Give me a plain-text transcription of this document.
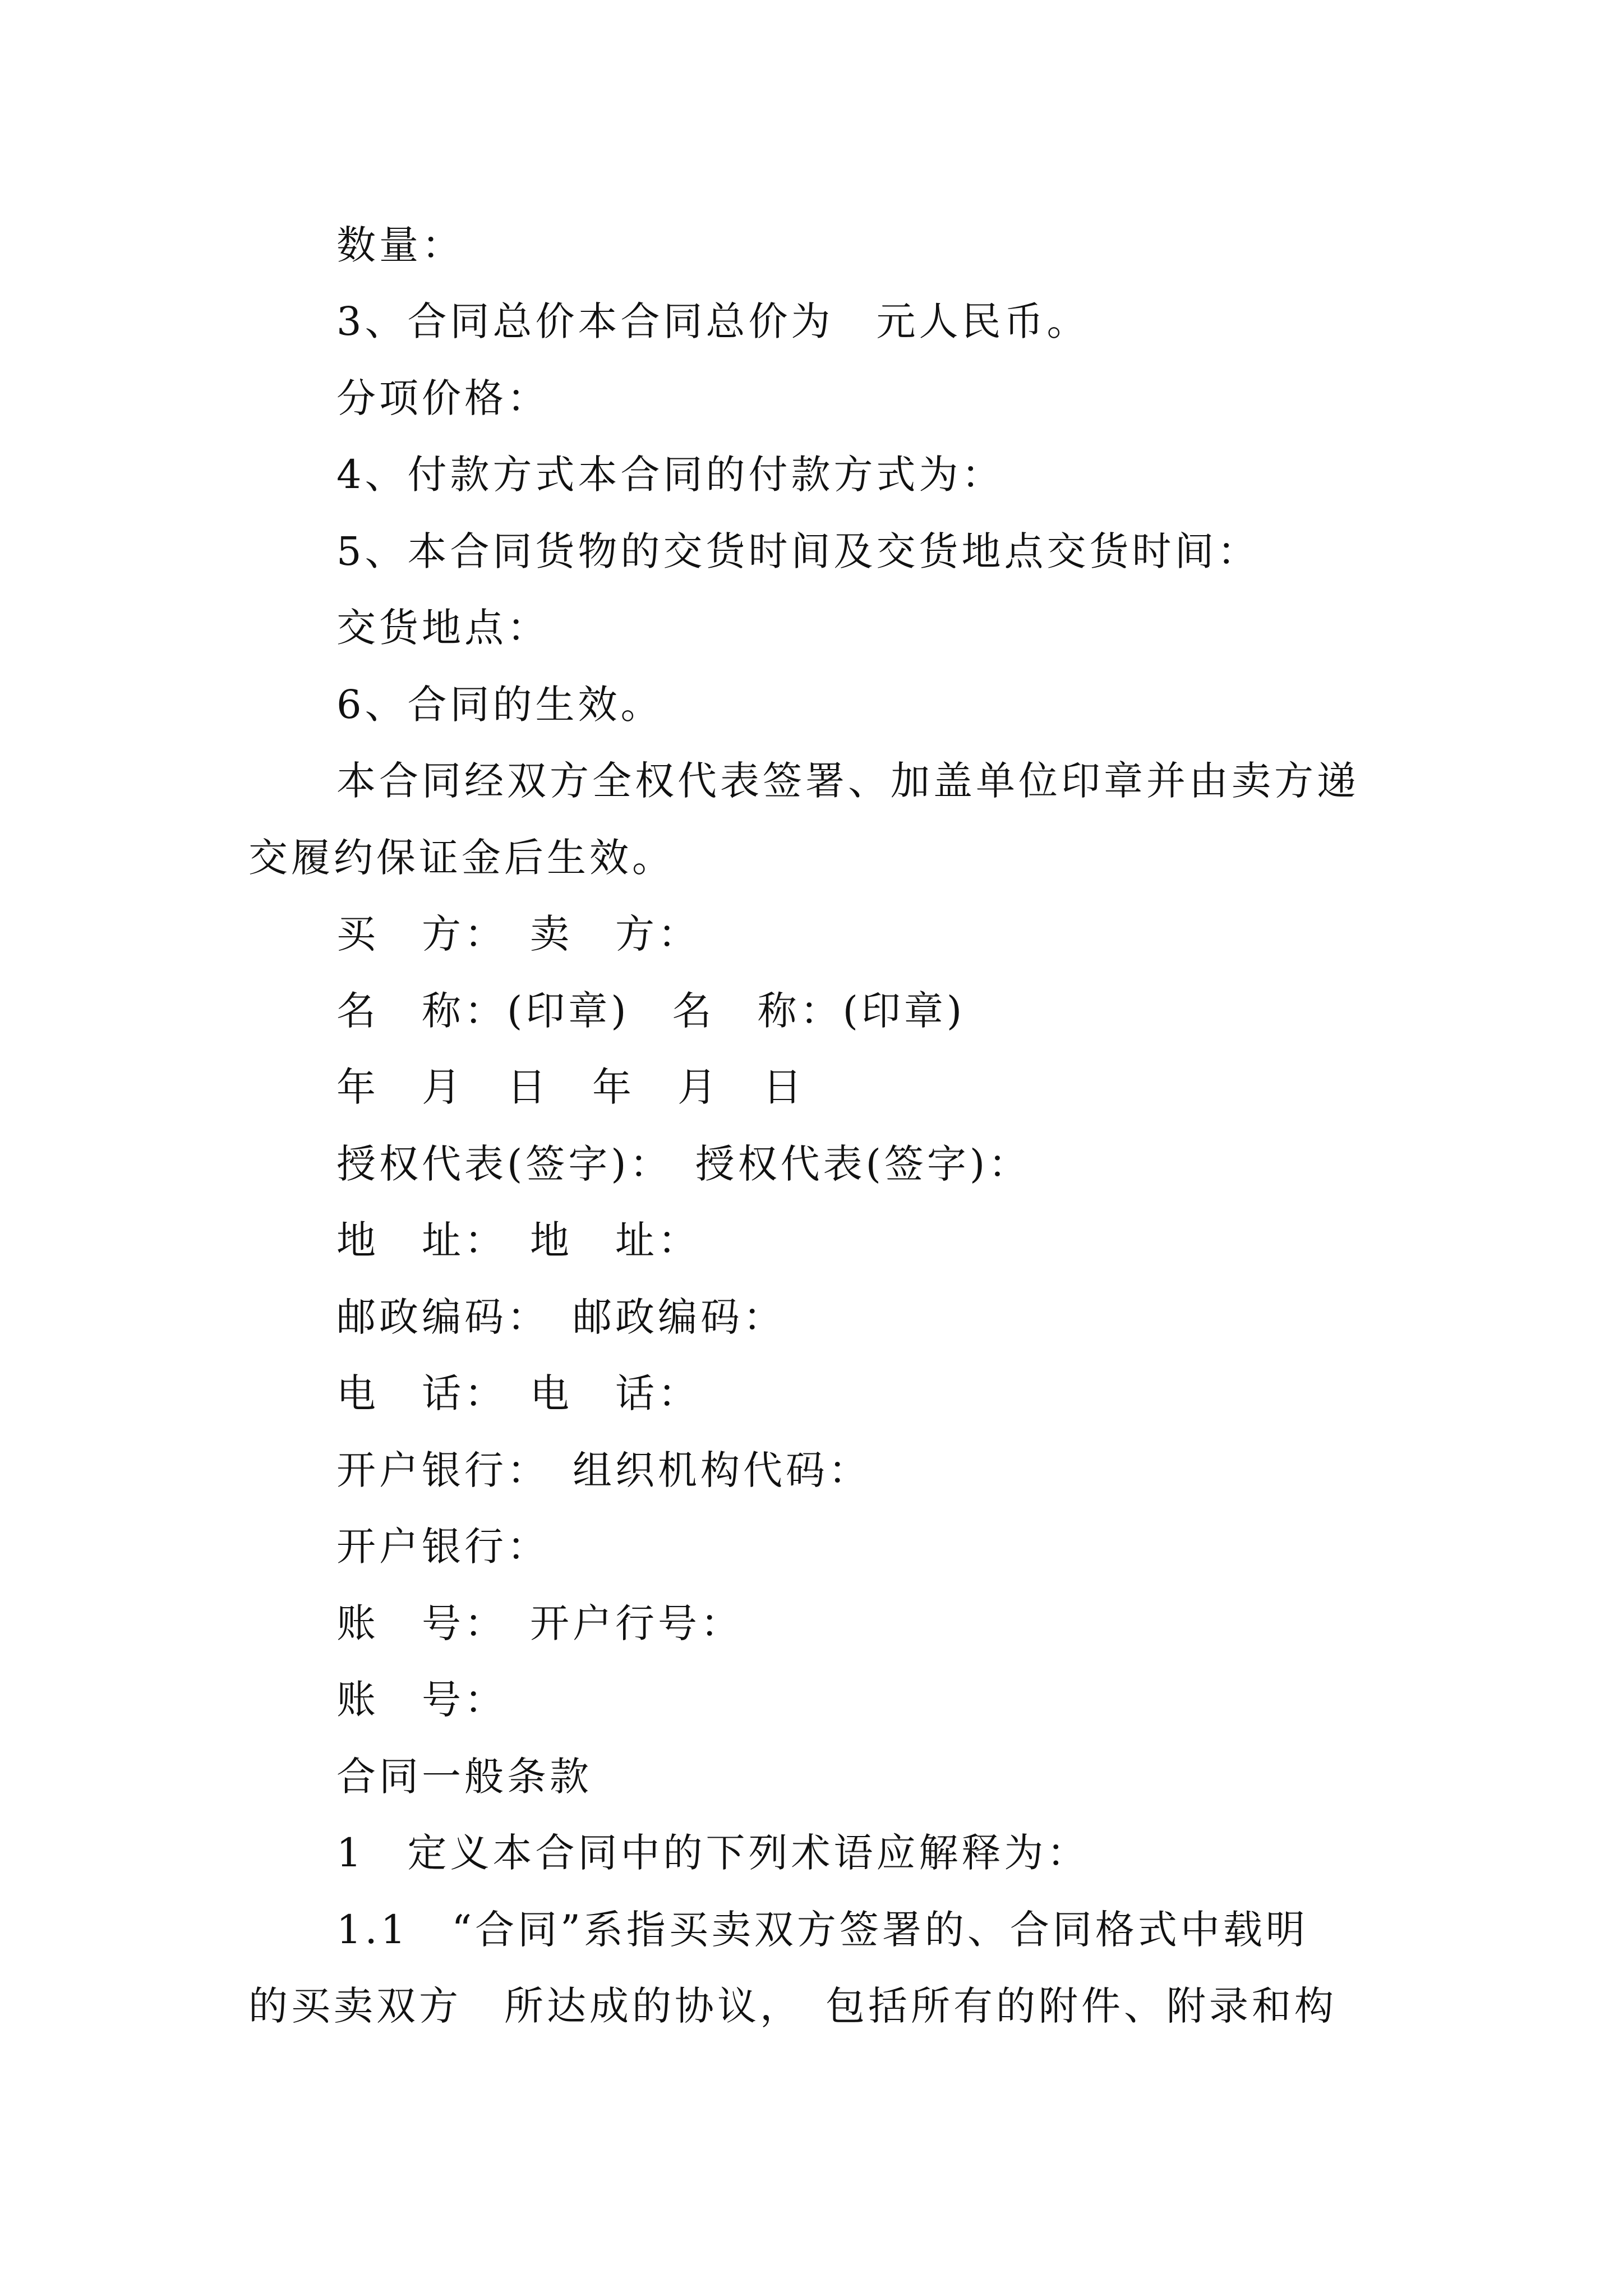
数量：
3、合同总价本合同总价为　元人民币。
分项价格：
4、付款方式本合同的付款方式为：
5、本合同货物的交货时间及交货地点交货时间：
交货地点：
6、合同的生效。
本合同经双方全权代表签署、加盖单位印章并由卖方递
交履约保证金后生效。
买　方：　卖　方：
名　称：(印章)　名　称：(印章)
年　月　日　年　月　日
授权代表(签字)：　授权代表(签字)：
地　址：　地　址：
邮政编码：　邮政编码：
电　话：　电　话：
开户银行：　组织机构代码：
开户银行：
账　号：　开户行号：
账　号：
合同一般条款
1　定义本合同中的下列术语应解释为：
1.1　“合同”系指买卖双方签署的、合同格式中载明
的买卖双方　所达成的协议，　包括所有的附件、附录和构
